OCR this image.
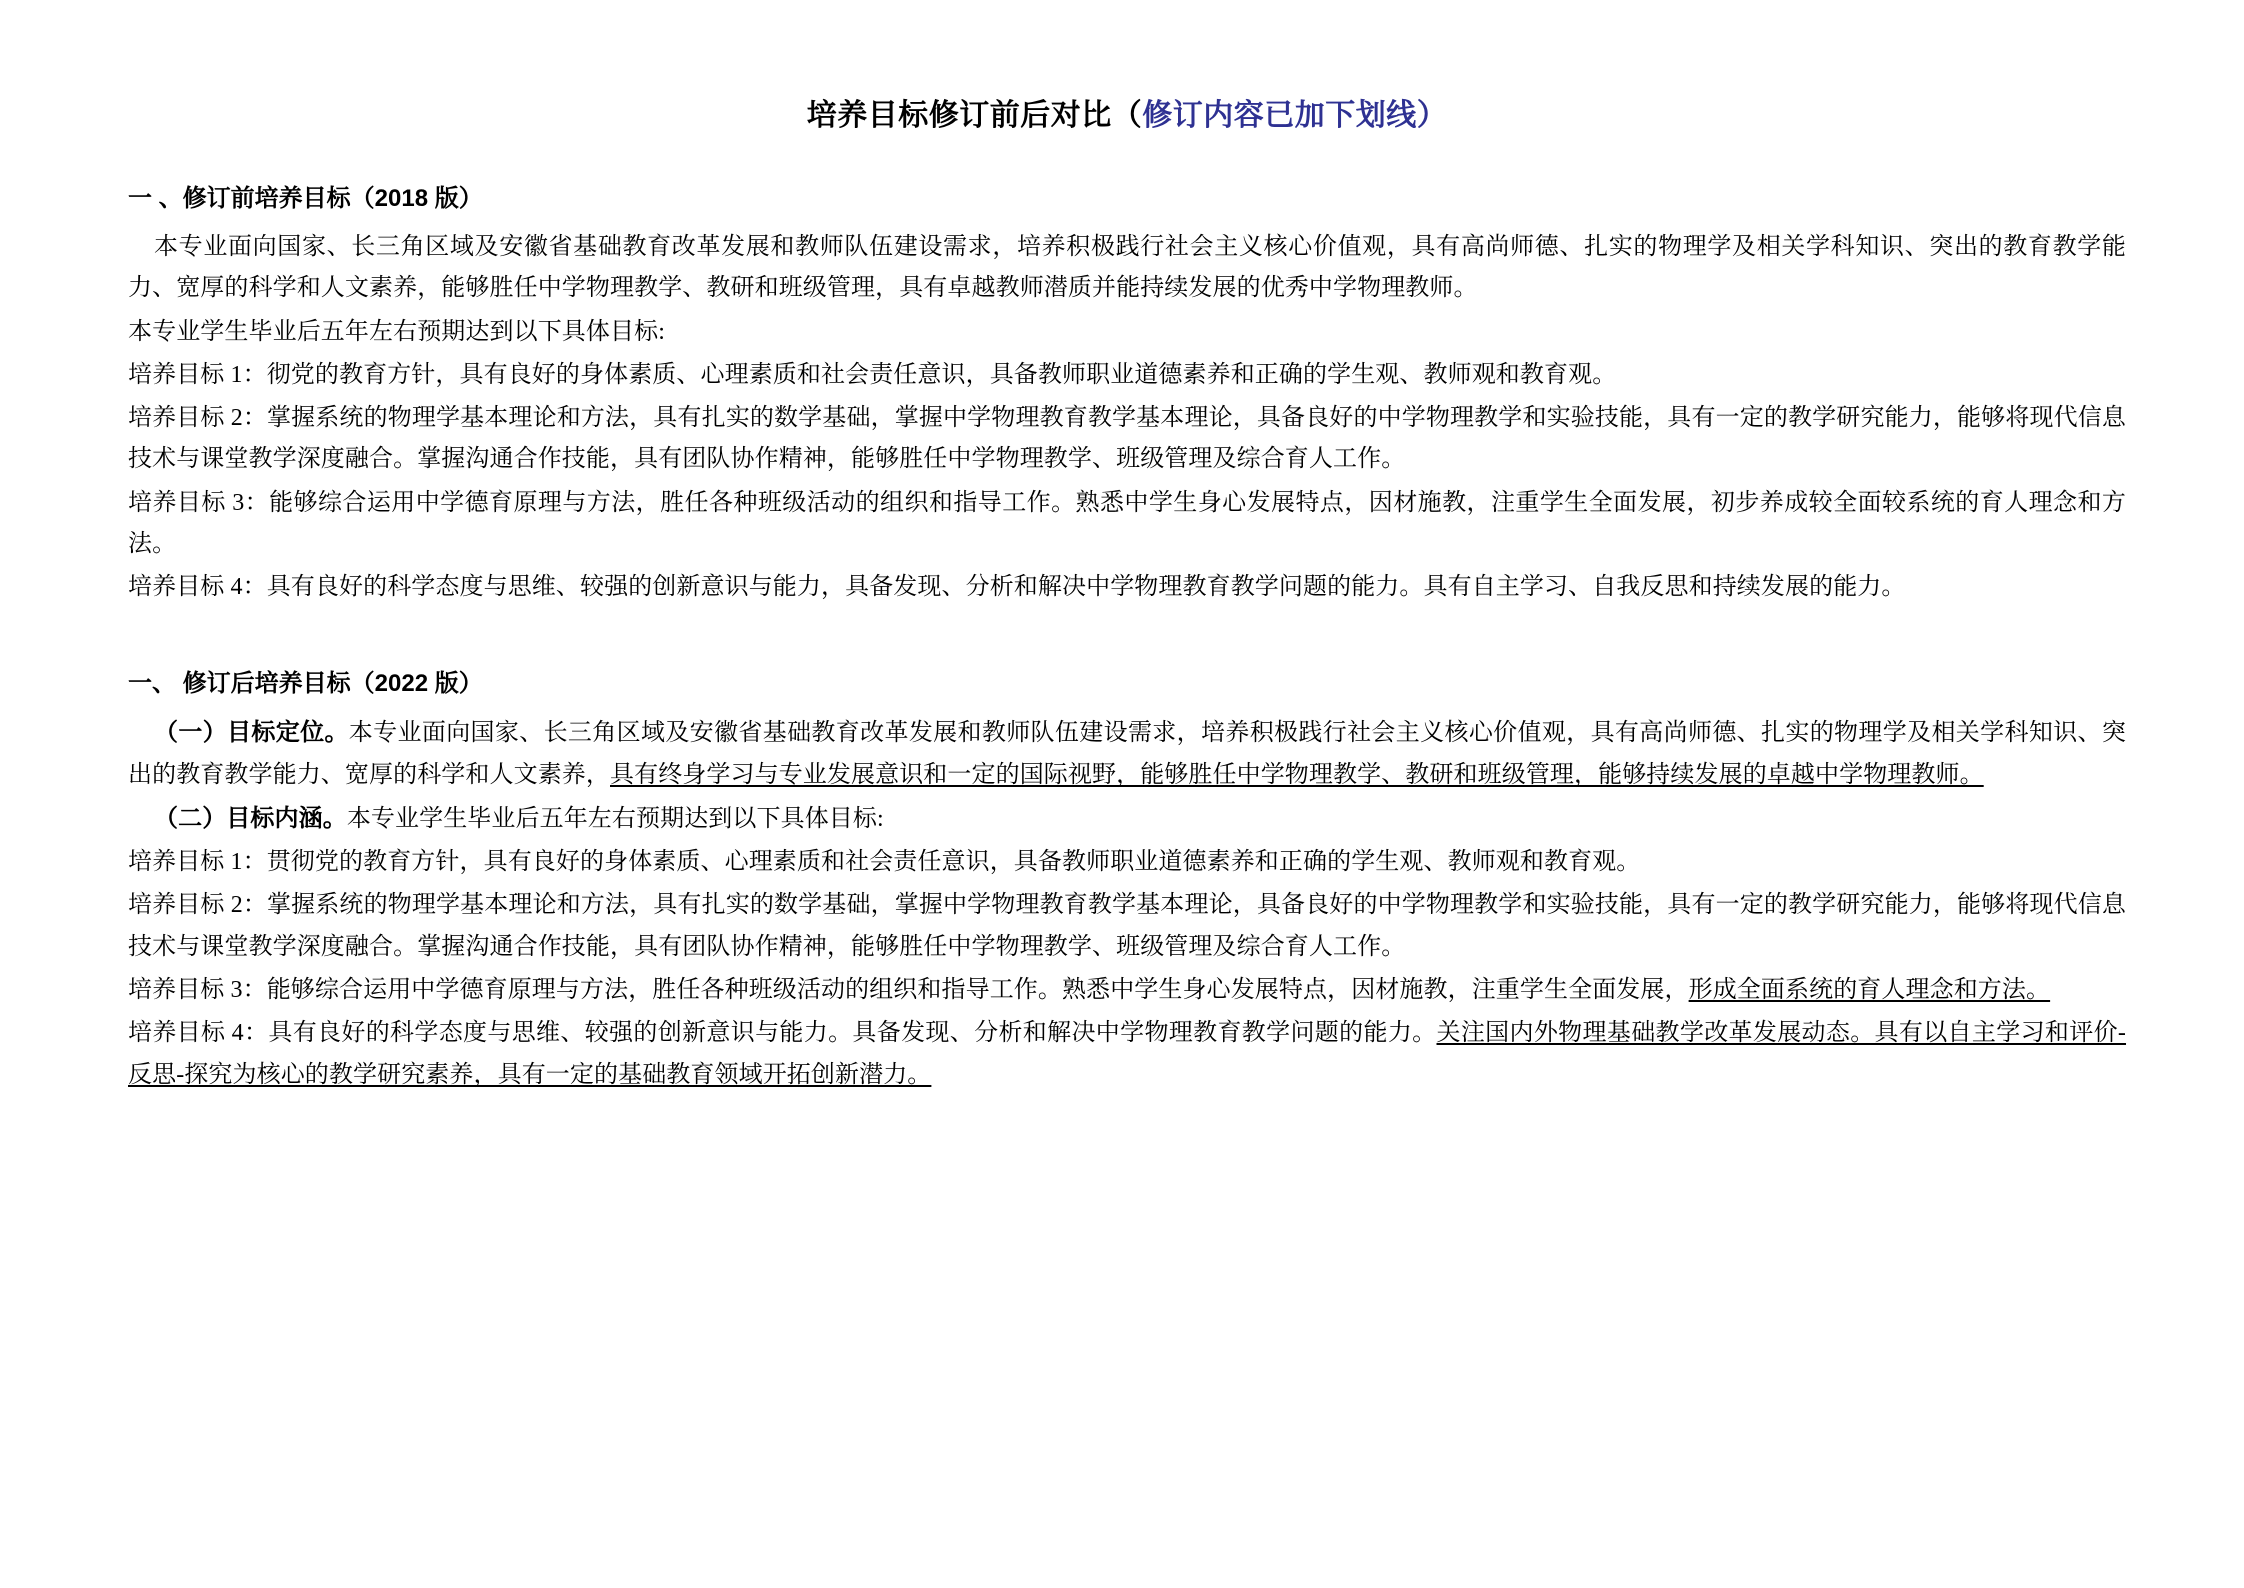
培养目标修订前后对比（修订内容已加下划线）
一 、修订前培养目标（2018 版）

本专业面向国家、长三角区域及安徽省基础教育改革发展和教师队伍建设需求，培养积极践行社会主义核心价值观，具有高尚师德、扎实的物理学及相关学科知识、突出的教育教学能力、宽厚的科学和人文素养，能够胜任中学物理教学、教研和班级管理，具有卓越教师潜质并能持续发展的优秀中学物理教师。

本专业学生毕业后五年左右预期达到以下具体目标:

培养目标 1：彻党的教育方针，具有良好的身体素质、心理素质和社会责任意识，具备教师职业道德素养和正确的学生观、教师观和教育观。

培养目标 2：掌握系统的物理学基本理论和方法，具有扎实的数学基础，掌握中学物理教育教学基本理论，具备良好的中学物理教学和实验技能，具有一定的教学研究能力，能够将现代信息技术与课堂教学深度融合。掌握沟通合作技能，具有团队协作精神，能够胜任中学物理教学、班级管理及综合育人工作。

培养目标 3：能够综合运用中学德育原理与方法，胜任各种班级活动的组织和指导工作。熟悉中学生身心发展特点，因材施教，注重学生全面发展，初步养成较全面较系统的育人理念和方法。

培养目标 4：具有良好的科学态度与思维、较强的创新意识与能力，具备发现、分析和解决中学物理教育教学问题的能力。具有自主学习、自我反思和持续发展的能力。

一、 修订后培养目标（2022 版）

（一）目标定位。本专业面向国家、长三角区域及安徽省基础教育改革发展和教师队伍建设需求，培养积极践行社会主义核心价值观，具有高尚师德、扎实的物理学及相关学科知识、突出的教育教学能力、宽厚的科学和人文素养，具有终身学习与专业发展意识和一定的国际视野，能够胜任中学物理教学、教研和班级管理，能够持续发展的卓越中学物理教师。

（二）目标内涵。本专业学生毕业后五年左右预期达到以下具体目标:

培养目标 1：贯彻党的教育方针，具有良好的身体素质、心理素质和社会责任意识，具备教师职业道德素养和正确的学生观、教师观和教育观。

培养目标 2：掌握系统的物理学基本理论和方法，具有扎实的数学基础，掌握中学物理教育教学基本理论，具备良好的中学物理教学和实验技能，具有一定的教学研究能力，能够将现代信息技术与课堂教学深度融合。掌握沟通合作技能，具有团队协作精神，能够胜任中学物理教学、班级管理及综合育人工作。

培养目标 3：能够综合运用中学德育原理与方法，胜任各种班级活动的组织和指导工作。熟悉中学生身心发展特点，因材施教，注重学生全面发展，形成全面系统的育人理念和方法。

培养目标 4：具有良好的科学态度与思维、较强的创新意识与能力。具备发现、分析和解决中学物理教育教学问题的能力。关注国内外物理基础教学改革发展动态。具有以自主学习和评价-反思-探究为核心的教学研究素养，具有一定的基础教育领域开拓创新潜力。
